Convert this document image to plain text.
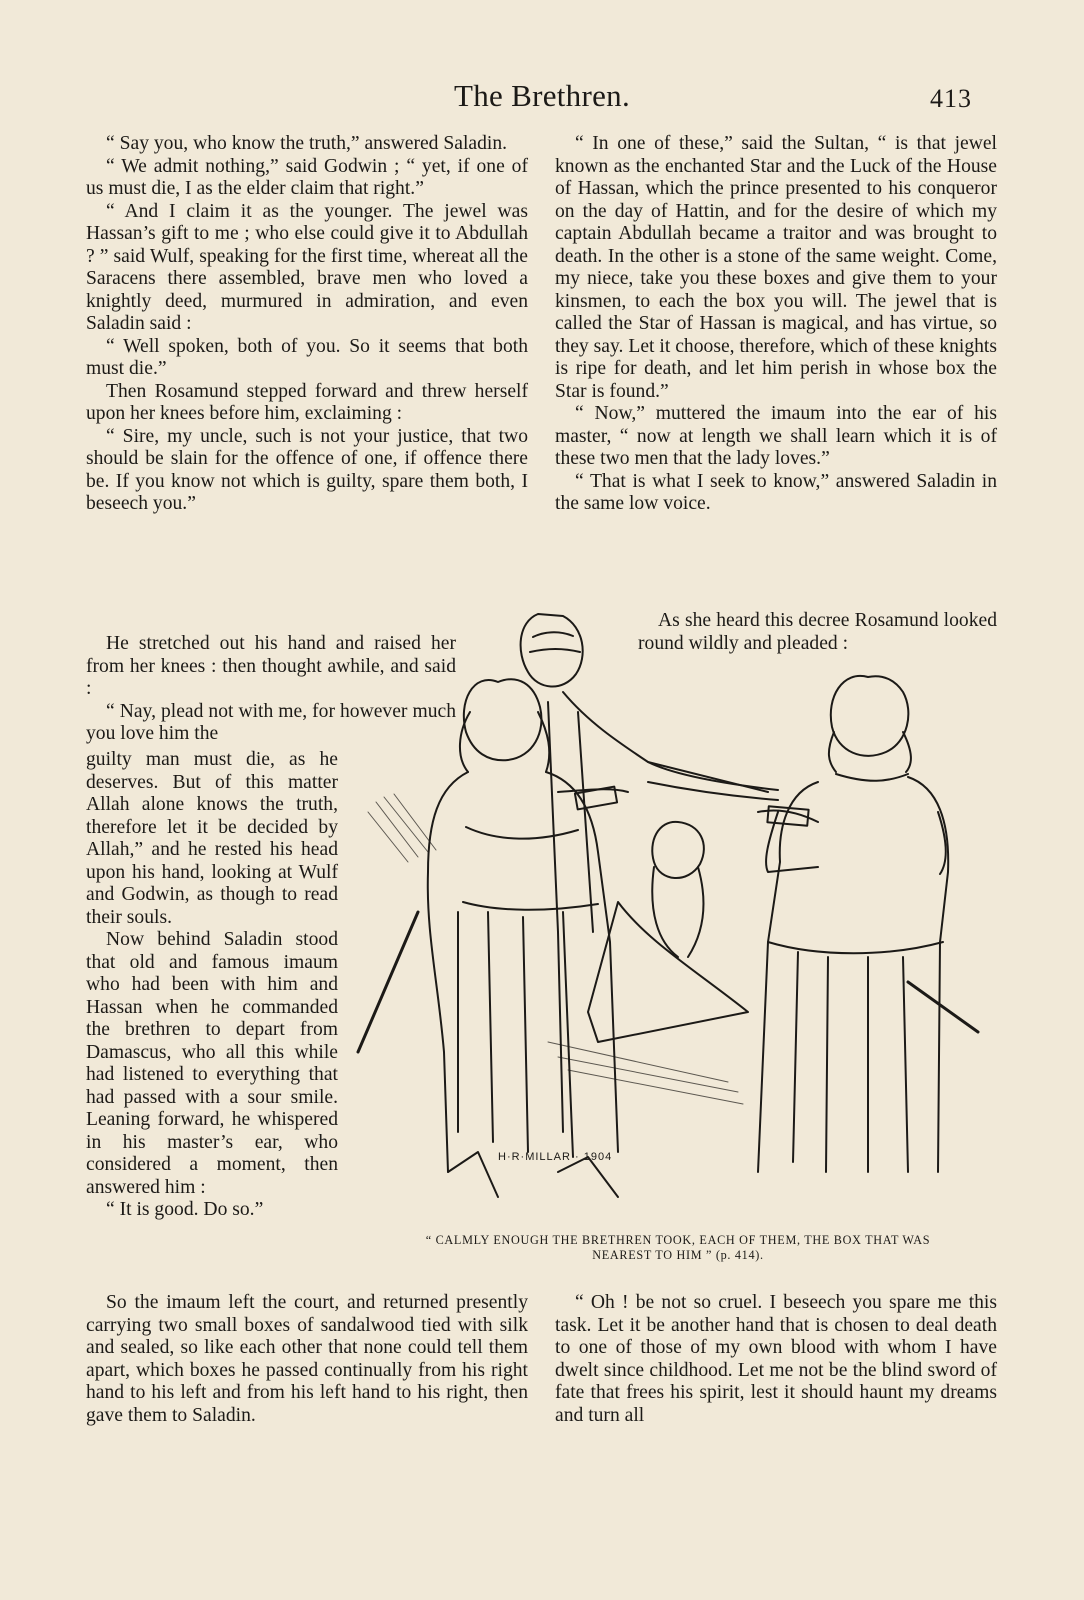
The Brethren.	413

“ Say you, who know the truth,” answered Saladin.

“ We admit nothing,” said Godwin ; “ yet, if one of us must die, I as the elder claim that right.”

“ And I claim it as the younger. The jewel was Hassan’s gift to me ; who else could give it to Abdullah ? ” said Wulf, speaking for the first time, whereat all the Saracens there assembled, brave men who loved a knightly deed, murmured in admiration, and even Saladin said :

“ Well spoken, both of you. So it seems that both must die.”

Then Rosamund stepped forward and threw herself upon her knees before him, exclaiming :

“ Sire, my uncle, such is not your justice, that two should be slain for the offence of one, if offence there be. If you know not which is guilty, spare them both, I beseech you.”

He stretched out his hand and raised her from her knees : then thought awhile, and said :

“ Nay, plead not with me, for however much you love him the

guilty man must die, as he deserves. But of this matter Allah alone knows the truth, therefore let it be decided by Allah,” and he rested his head upon his hand, looking at Wulf and Godwin, as though to read their souls.

Now behind Saladin stood that old and famous imaum who had been with him and Hassan when he commanded the brethren to depart from Damascus, who all this while had listened to everything that had passed with a sour smile. Leaning forward, he whispered in his master’s ear, who considered a moment, then answered him :

“ It is good. Do so.”

So the imaum left the court, and returned presently carrying two small boxes of sandalwood tied with silk and sealed, so like each other that none could tell them apart, which boxes he passed continually from his right hand to his left and from his left hand to his right, then gave them to Saladin.

“ In one of these,” said the Sultan, “ is that jewel known as the enchanted Star and the Luck of the House of Hassan, which the prince presented to his conqueror on the day of Hattin, and for the desire of which my captain Abdullah became a traitor and was brought to death. In the other is a stone of the same weight. Come, my niece, take you these boxes and give them to your kinsmen, to each the box you will. The jewel that is called the Star of Hassan is magical, and has virtue, so they say. Let it choose, therefore, which of these knights is ripe for death, and let him perish in whose box the Star is found.”

“ Now,” muttered the imaum into the ear of his master, “ now at length we shall learn which it is of these two men that the lady loves.”

“ That is what I seek to know,” answered Saladin in the same low voice.

As she heard this decree Rosamund looked round wildly and pleaded :

“ Oh ! be not so cruel. I beseech you spare me this task. Let it be another hand that is chosen to deal death to one of those of my own blood with whom I have dwelt since childhood. Let me not be the blind sword of fate that frees his spirit, lest it should haunt my dreams and turn all

H·R·MILLAR · 1904
“ CALMLY ENOUGH THE BRETHREN TOOK, EACH OF THEM, THE BOX THAT WAS
NEAREST TO HIM ” (p. 414).
